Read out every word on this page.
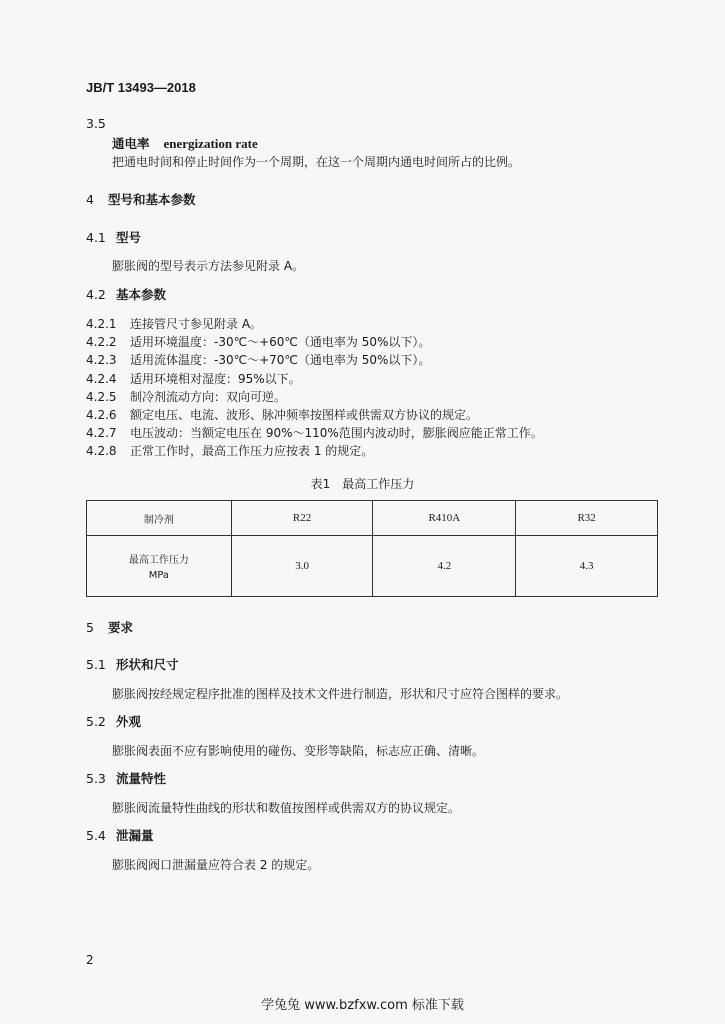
JB/T 13493—2018
3.5
通电率 energization rate
把通电时间和停止时间作为一个周期，在这一个周期内通电时间所占的比例。
4 型号和基本参数
4.1 型号
膨胀阀的型号表示方法参见附录 A。
4.2 基本参数
4.2.1 连接管尺寸参见附录 A。
4.2.2 适用环境温度：-30℃～+60℃（通电率为 50%以下）。
4.2.3 适用流体温度：-30℃～+70℃（通电率为 50%以下）。
4.2.4 适用环境相对湿度：95%以下。
4.2.5 制冷剂流动方向：双向可逆。
4.2.6 额定电压、电流、波形、脉冲频率按图样或供需双方协议的规定。
4.2.7 电压波动：当额定电压在 90%～110%范围内波动时，膨胀阀应能正常工作。
4.2.8 正常工作时，最高工作压力应按表 1 的规定。
表1　最高工作压力
制冷剂	R22	R410A	R32

最高工作压力
MPa	3.0	4.2	4.3
5 要求
5.1 形状和尺寸
膨胀阀按经规定程序批准的图样及技术文件进行制造，形状和尺寸应符合图样的要求。
5.2 外观
膨胀阀表面不应有影响使用的碰伤、变形等缺陷，标志应正确、清晰。
5.3 流量特性
膨胀阀流量特性曲线的形状和数值按图样或供需双方的协议规定。
5.4 泄漏量
膨胀阀阀口泄漏量应符合表 2 的规定。
2
学兔兔 www.bzfxw.com 标准下载
